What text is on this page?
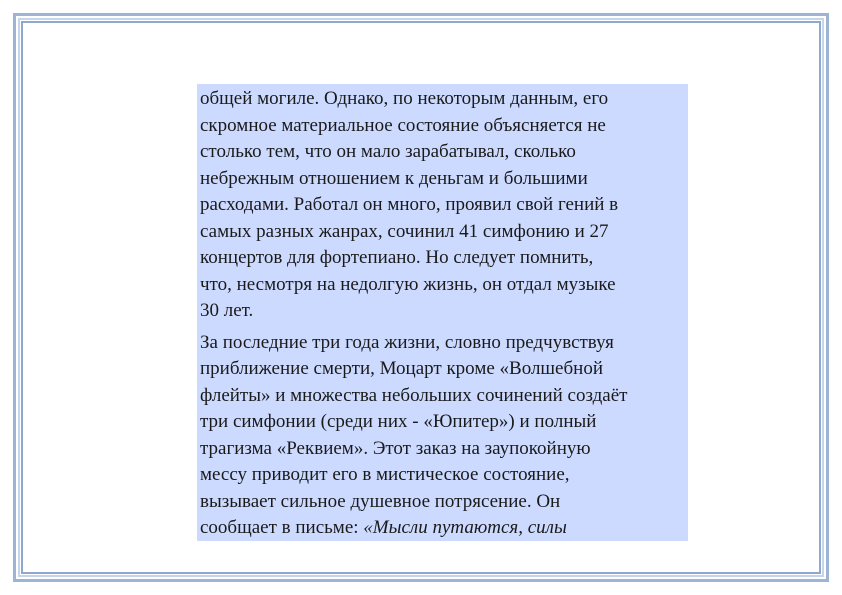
общей могиле. Однако, по некоторым данным, его
скромное материальное состояние объясняется не
столько тем, что он мало зарабатывал, сколько
небрежным отношением к деньгам и большими
расходами. Работал он много, проявил свой гений в
самых разных жанрах, сочинил 41 симфонию и 27
концертов для фортепиано. Но следует помнить,
что, несмотря на недолгую жизнь, он отдал музыке
30 лет.

За последние три года жизни, словно предчувствуя
приближение смерти, Моцарт кроме «Волшебной
флейты» и множества небольших сочинений создаёт
три симфонии (среди них - «Юпитер») и полный
трагизма «Реквием». Этот заказ на заупокойную
мессу приводит его в мистическое состояние,
вызывает сильное душевное потрясение. Он
сообщает в письме: «Мысли путаются, силы
